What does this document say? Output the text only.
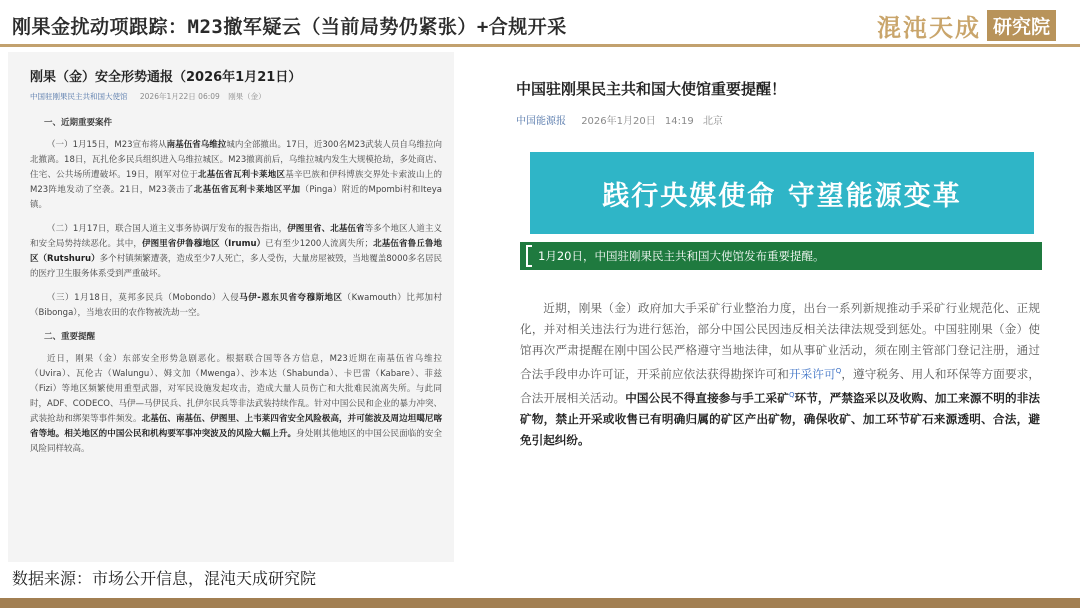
刚果金扰动项跟踪：M23撤军疑云（当前局势仍紧张）+合规开采	混沌天成 研究院
刚果（金）安全形势通报（2026年1月21日）
中国驻刚果民主共和国大使馆 2026年1月22日 06:09 刚果（金）
一、近期重要案件

（一）1月15日，M23宣布将从南基伍省乌维拉城内全部撤出。17日，近300名M23武装人员自乌维拉向北撤离。18日，瓦扎伦多民兵组织进入乌维拉城区。M23撤离前后，乌维拉城内发生大规模抢劫，多处商店、住宅、公共场所遭破坏。19日，刚军对位于北基伍省瓦利卡莱地区基辛巴族和伊科博族交界处卡索波山上的M23阵地发动了空袭。21日，M23袭击了北基伍省瓦利卡莱地区平加（Pinga）附近的Mpombi村和Iteya镇。

（二）1月17日，联合国人道主义事务协调厅发布的报告指出，伊图里省、北基伍省等多个地区人道主义和安全局势持续恶化。其中，伊图里省伊鲁穆地区（Irumu）已有至少1200人流离失所；北基伍省鲁丘鲁地区（Rutshuru）多个村镇频繁遭袭，造成至少7人死亡，多人受伤，大量房屋被毁，当地覆盖8000多名居民的医疗卫生服务体系受到严重破坏。

（三）1月18日，莫邦多民兵（Mobondo）入侵马伊-恩东贝省夸穆斯地区（Kwamouth）比邦加村（Bibonga），当地农田的农作物被洗劫一空。

二、重要提醒

近日，刚果（金）东部安全形势急剧恶化。根据联合国等各方信息，M23近期在南基伍省乌维拉（Uvira）、瓦伦古（Walungu）、姆文加（Mwenga）、沙本达（Shabunda）、卡巴雷（Kabare）、菲兹（Fizi）等地区频繁使用重型武器，对军民设施发起攻击，造成大量人员伤亡和大批难民流离失所。与此同时，ADF、CODECO、马伊—马伊民兵、扎伊尔民兵等非法武装持续作乱。针对中国公民和企业的暴力冲突、武装抢劫和绑架等事件频发。北基伍、南基伍、伊图里、上韦莱四省安全风险极高，并可能波及周边坦噶尼喀省等地。相关地区的中国公民和机构要军事冲突波及的风险大幅上升。身处刚其他地区的中国公民面临的安全风险同样较高。

中国驻刚果民主共和国大使馆重要提醒！
中国能源报 2026年1月20日 14:19 北京
践行央媒使命 守望能源变革
1月20日，中国驻刚果民主共和国大使馆发布重要提醒。
近期，刚果（金）政府加大手采矿行业整治力度，出台一系列新规推动手采矿行业规范化、正规化，并对相关违法行为进行惩治，部分中国公民因违反相关法律法规受到惩处。中国驻刚果（金）使馆再次严肃提醒在刚中国公民严格遵守当地法律，如从事矿业活动，须在刚主管部门登记注册，通过合法手段申办许可证，开采前应依法获得勘探许可和开采许可$^Q$，遵守税务、用人和环保等方面要求，合法开展相关活动。中国公民不得直接参与手工采矿$^Q$环节，严禁盗采以及收购、加工来源不明的非法矿物，禁止开采或收售已有明确归属的矿区产出矿物，确保收矿、加工环节矿石来源透明、合法，避免引起纠纷。
数据来源：市场公开信息，混沌天成研究院
